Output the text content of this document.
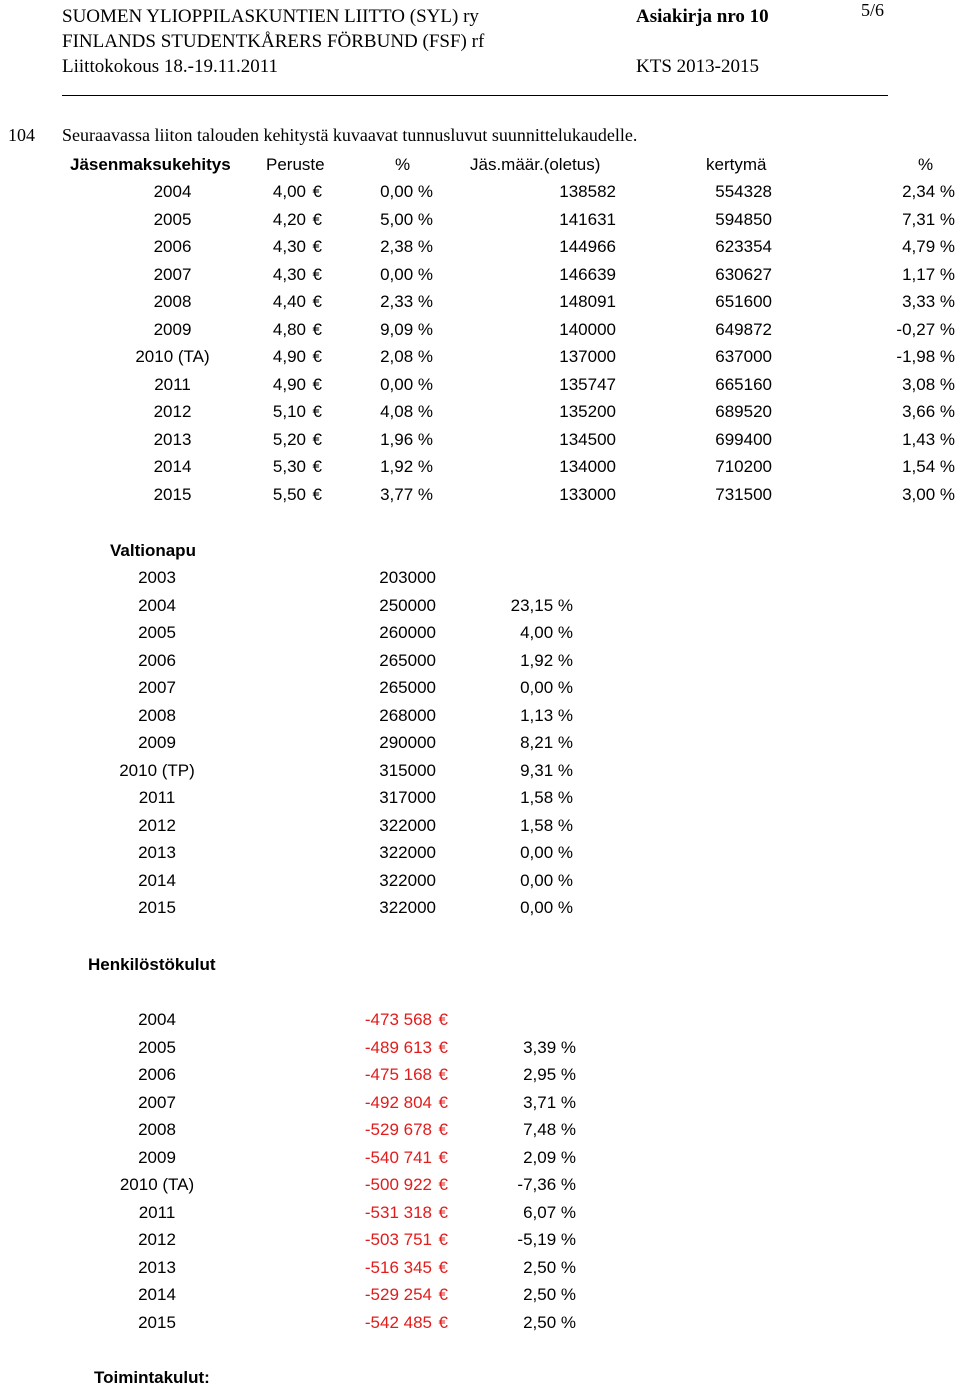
SUOMEN YLIOPPILASKUNTIEN LIITTO (SYL) ry
FINLANDS STUDENTKÅRERS FÖRBUND (FSF) rf
Liittokokous 18.-19.11.2011
Asiakirja nro 10
KTS 2013-2015
5/6
104 Seuraavassa liiton talouden kehitystä kuvaavat tunnusluvut suunnittelukaudelle.
Jäsenmaksukehitys Peruste	%	Jäs.määr.(oletus)	kertymä	%
2004	4,00 €	0,00 %	138582	554328	2,34 %
2005	4,20 €	5,00 %	141631	594850	7,31 %
2006	4,30 €	2,38 %	144966	623354	4,79 %
2007	4,30 €	0,00 %	146639	630627	1,17 %
2008	4,40 €	2,33 %	148091	651600	3,33 %
2009	4,80 €	9,09 %	140000	649872	-0,27 %
2010 (TA)	4,90 €	2,08 %	137000	637000	-1,98 %
2011	4,90 €	0,00 %	135747	665160	3,08 %
2012	5,10 €	4,08 %	135200	689520	3,66 %
2013	5,20 €	1,96 %	134500	699400	1,43 %
2014	5,30 €	1,92 %	134000	710200	1,54 %
2015	5,50 €	3,77 %	133000	731500	3,00 %
Valtionapu
2003	203000
2004	250000	23,15 %
2005	260000	4,00 %
2006	265000	1,92 %
2007	265000	0,00 %
2008	268000	1,13 %
2009	290000	8,21 %
2010 (TP)	315000	9,31 %
2011	317000	1,58 %
2012	322000	1,58 %
2013	322000	0,00 %
2014	322000	0,00 %
2015	322000	0,00 %
Henkilöstökulut
2004	-473 568 €
2005	-489 613 €	3,39 %
2006	-475 168 €	2,95 %
2007	-492 804 €	3,71 %
2008	-529 678 €	7,48 %
2009	-540 741 €	2,09 %
2010 (TA)	-500 922 €	-7,36 %
2011	-531 318 €	6,07 %
2012	-503 751 €	-5,19 %
2013	-516 345 €	2,50 %
2014	-529 254 €	2,50 %
2015	-542 485 €	2,50 %
Toimintakulut:
